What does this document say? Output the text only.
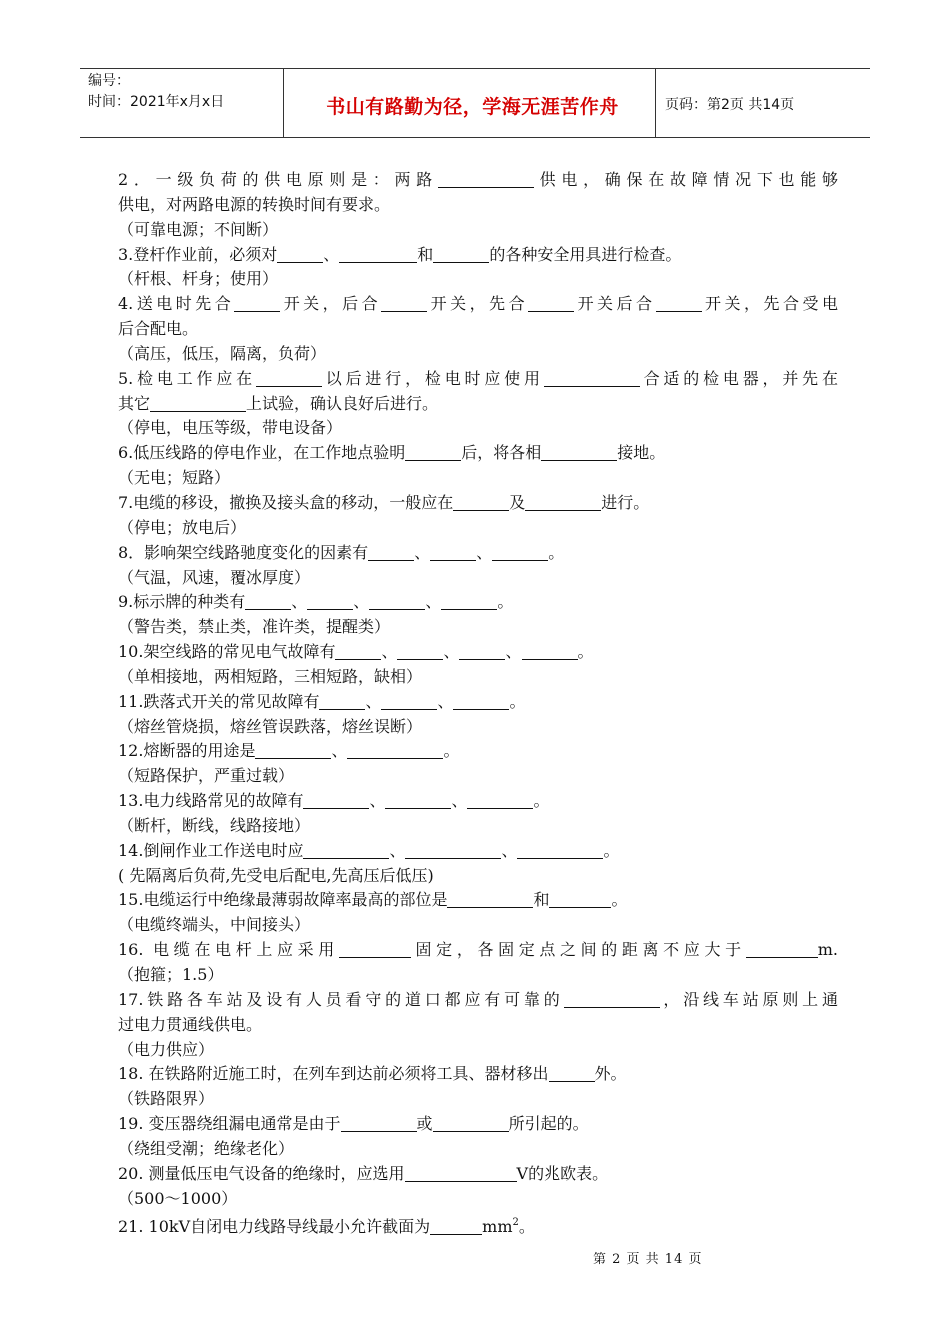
编号：
时间：2021年x月x日	书山有路勤为径，学海无涯苦作舟	页码：第2页 共14页
2．一级负荷的供电原则是：两路	供电，确保在故障情况下也能够
供电，对两路电源的转换时间有要求。
（可靠电源；不间断）
3.登杆作业前，必须对	、	和	的各种安全用具进行检查。
（杆根、杆身；使用）
4.送电时先合	开关，后合	开关，先合	开关后合	开关，先合受电
后合配电。
（高压，低压，隔离，负荷）
5.检电工作应在	以后进行，检电时应使用	合适的检电器，并先在
其它	上试验，确认良好后进行。
（停电，电压等级，带电设备）
6.低压线路的停电作业，在工作地点验明	后，将各相	接地。
（无电；短路）
7.电缆的移设，撤换及接头盒的移动，一般应在	及	进行。
（停电；放电后）
8．影响架空线路驰度变化的因素有	、	、	。
（气温，风速，覆冰厚度）
9.标示牌的种类有	、	、	、	。
（警告类，禁止类，准许类，提醒类）
10.架空线路的常见电气故障有	、	、	、	。
（单相接地，两相短路，三相短路，缺相）
11.跌落式开关的常见故障有	、	、	。
（熔丝管烧损，熔丝管误跌落，熔丝误断）
12.熔断器的用途是	、	。
（短路保护，严重过载）
13.电力线路常见的故障有	、	、	。
（断杆，断线，线路接地）
14.倒闸作业工作送电时应	、	、	。
( 先隔离后负荷,先受电后配电,先高压后低压)
15.电缆运行中绝缘最薄弱故障率最高的部位是	和	。
（电缆终端头，中间接头）
16. 电缆在电杆上应采用	固定，各固定点之间的距离不应大于	m.
（抱箍；1.5）
17.铁路各车站及设有人员看守的道口都应有可靠的	，沿线车站原则上通
过电力贯通线供电。
（电力供应）
18. 在铁路附近施工时，在列车到达前必须将工具、器材移出	外。
（铁路限界）
19. 变压器绕组漏电通常是由于	或	所引起的。
（绕组受潮；绝缘老化）
20. 测量低压电气设备的绝缘时，应选用	V的兆欧表。
（500～1000）
21. 10kV自闭电力线路导线最小允许截面为	$mm^2$。
第 2 页 共 14 页
